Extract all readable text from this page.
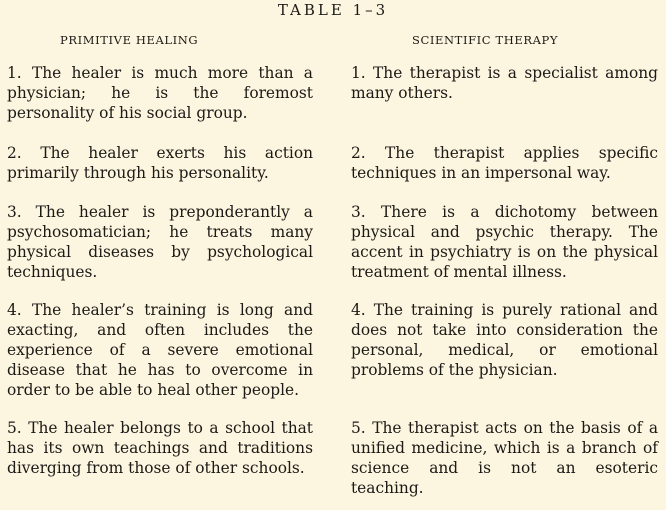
TABLE 1–3
PRIMITIVE HEALING	SCIENTIFIC THERAPY

1. The healer is much more than a physician; he is the foremost personality of his social group.

1. The therapist is a specialist among many others.

2. The healer exerts his action primarily through his personality.

2. The therapist applies specific techniques in an impersonal way.

3. The healer is preponderantly a psychosomatician; he treats many physical diseases by psychological techniques.

3. There is a dichotomy between physical and psychic therapy. The accent in psychiatry is on the physical treatment of mental illness.

4. The healer’s training is long and exacting, and often includes the experience of a severe emotional disease that he has to overcome in order to be able to heal other people.

4. The training is purely rational and does not take into consideration the personal, medical, or emotional problems of the physician.

5. The healer belongs to a school that has its own teachings and traditions diverging from those of other schools.

5. The therapist acts on the basis of a unified medicine, which is a branch of science and is not an esoteric teaching.
